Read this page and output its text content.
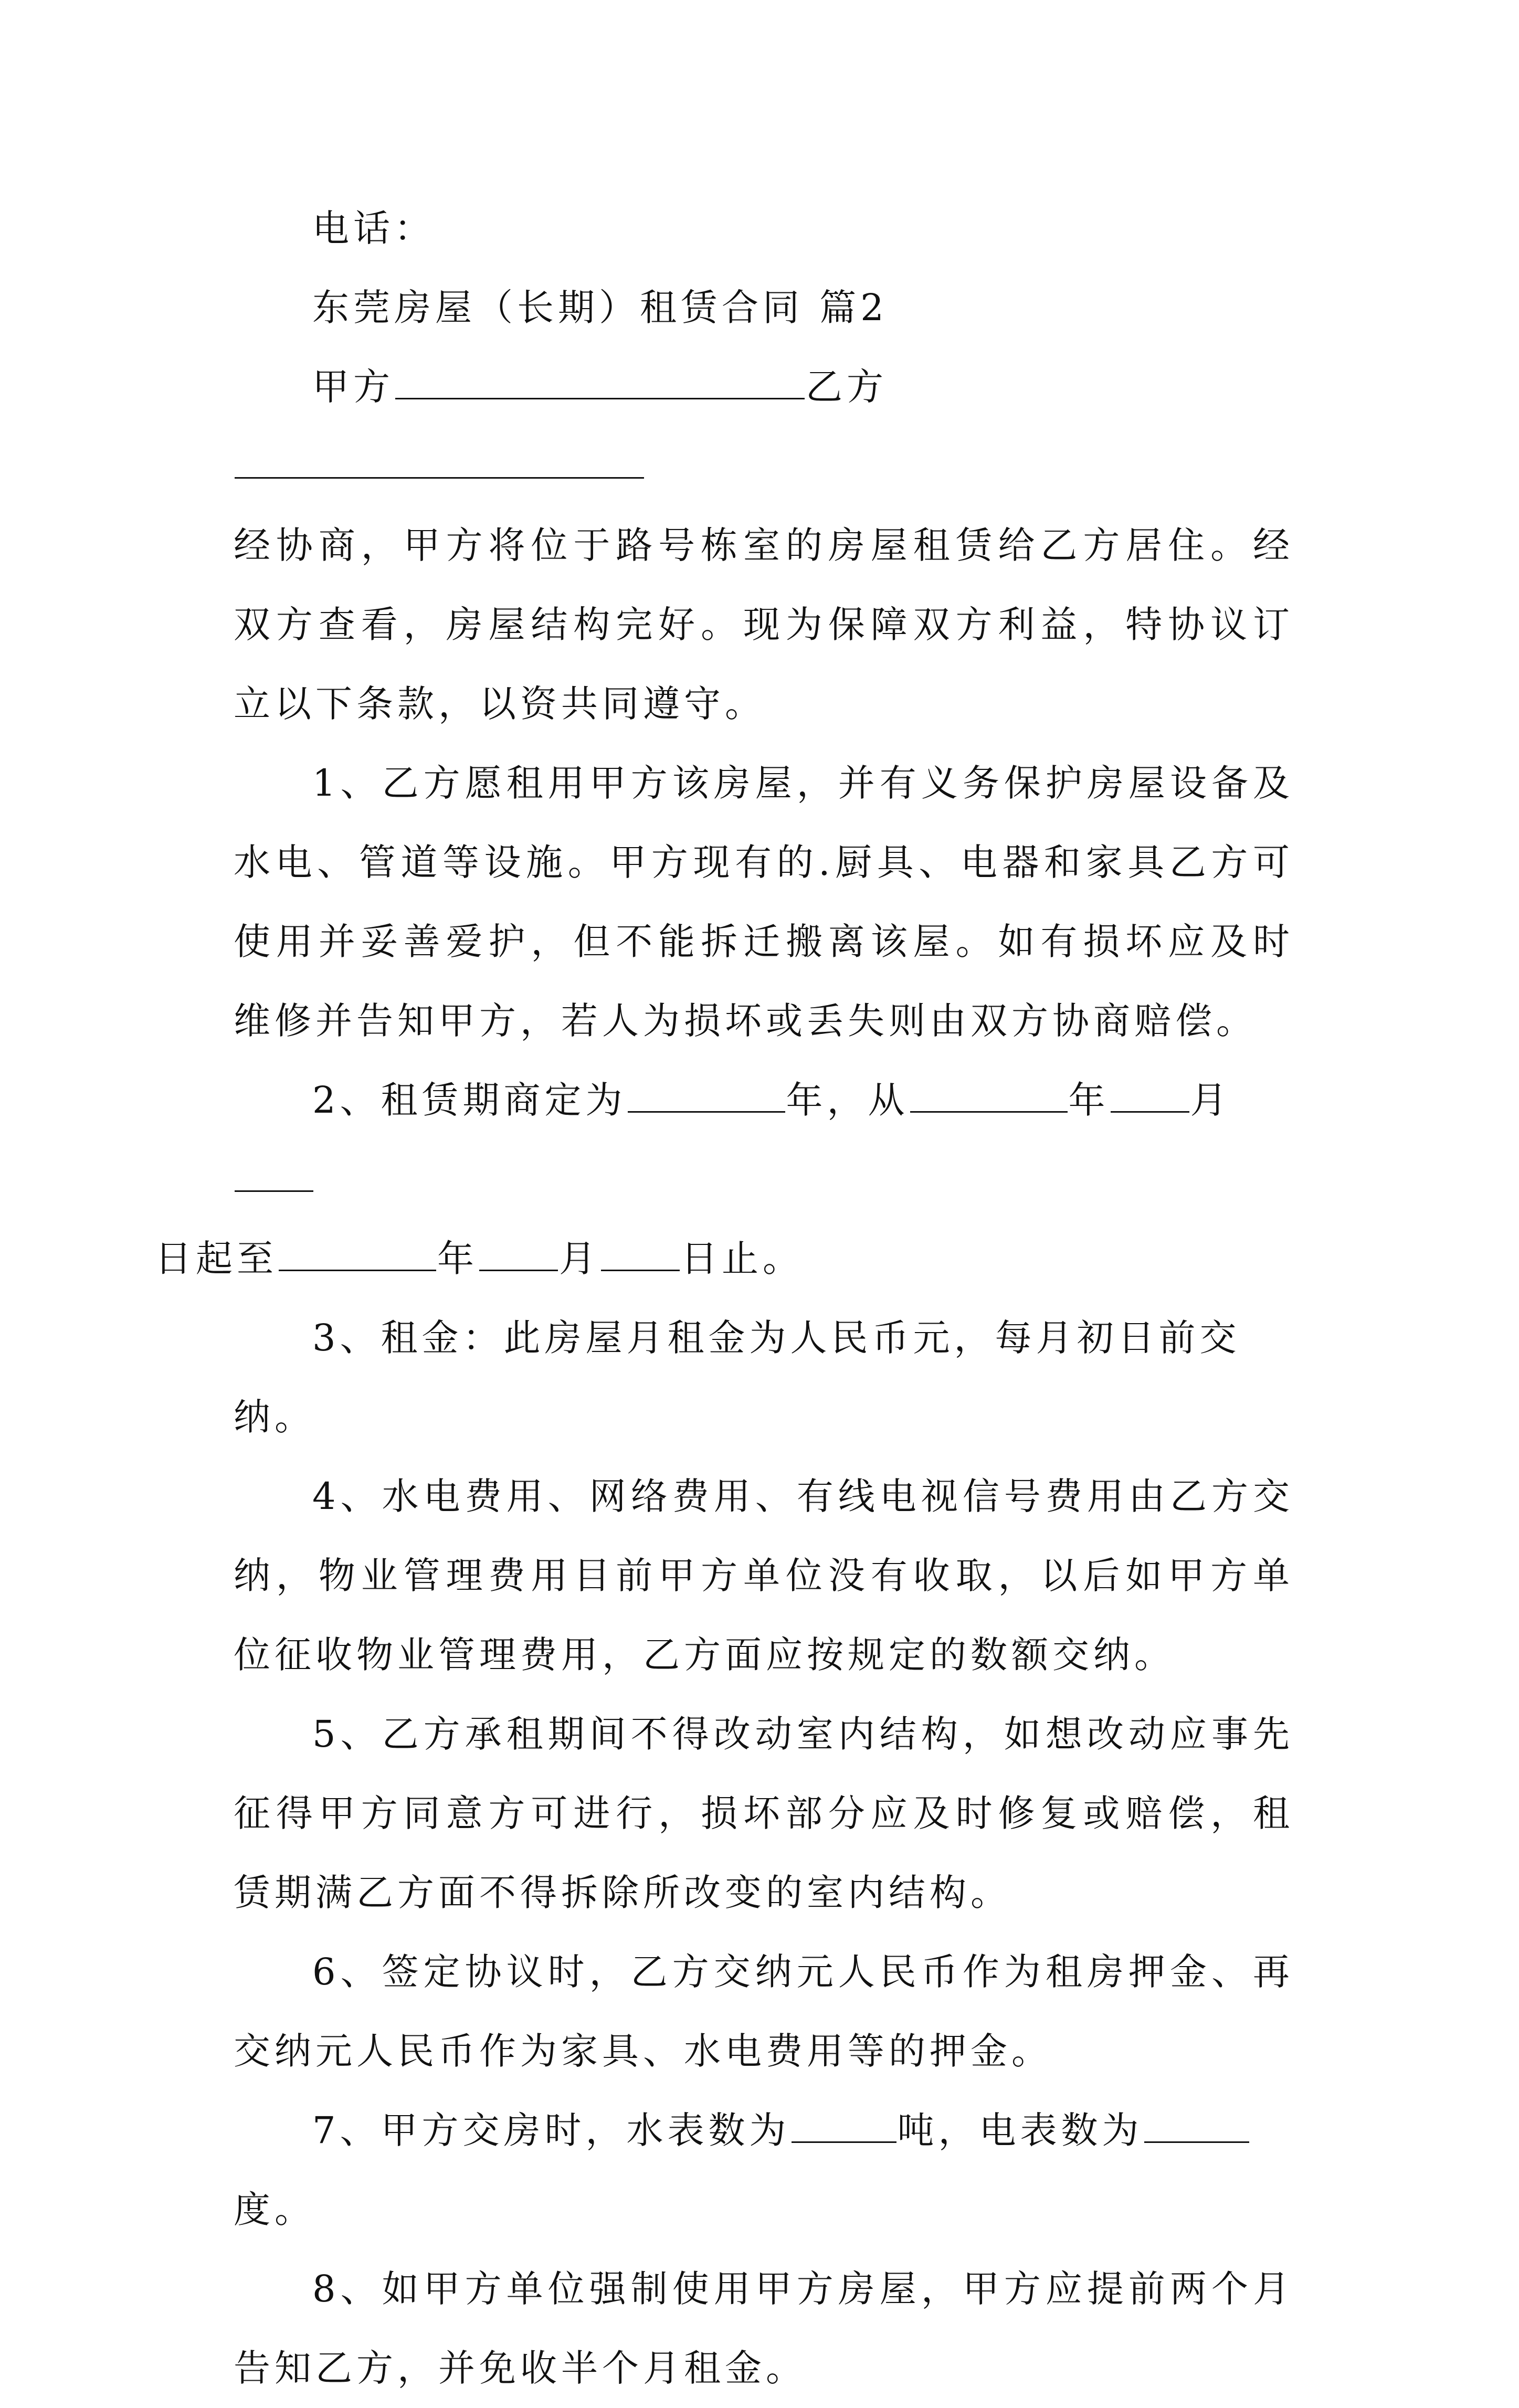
电话：

东莞房屋（长期）租赁合同 篇2

甲方	乙方

经协商，甲方将位于路号栋室的房屋租赁给乙方居住。经双方查看，房屋结构完好。现为保障双方利益，特协议订立以下条款，以资共同遵守。

1、乙方愿租用甲方该房屋，并有义务保护房屋设备及水电、管道等设施。甲方现有的.厨具、电器和家具乙方可使用并妥善爱护，但不能拆迁搬离该屋。如有损坏应及时维修并告知甲方，若人为损坏或丢失则由双方协商赔偿。

2、租赁期商定为	年，从	年 月
日起至	年 月 日止。

3、租金：此房屋月租金为人民币元，每月初日前交纳。

4、水电费用、网络费用、有线电视信号费用由乙方交纳，物业管理费用目前甲方单位没有收取，以后如甲方单位征收物业管理费用，乙方面应按规定的数额交纳。

5、乙方承租期间不得改动室内结构，如想改动应事先征得甲方同意方可进行，损坏部分应及时修复或赔偿，租赁期满乙方面不得拆除所改变的室内结构。

6、签定协议时，乙方交纳元人民币作为租房押金、再交纳元人民币作为家具、水电费用等的押金。

7、甲方交房时，水表数为	吨，电表数为度。

8、如甲方单位强制使用甲方房屋，甲方应提前两个月告知乙方，并免收半个月租金。
